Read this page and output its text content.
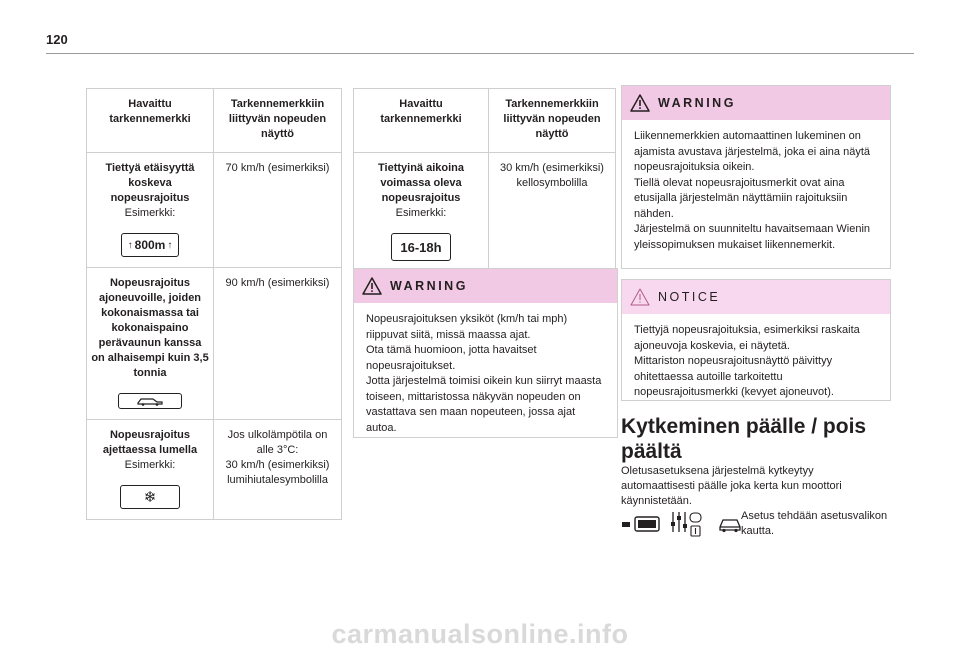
120
Havaittu tarkennemerkki	Tarkennemerkkiin liittyvän nopeuden näyttö

Tiettyä etäisyyttä koskeva nopeusrajoitus
Esimerkki:
↑ 800m ↑	70 km/h (esimerkiksi)

Nopeusrajoitus ajoneuvoille, joiden kokonaismassa tai kokonaispaino perävaunun kanssa on alhaisempi kuin 3,5 tonnia	90 km/h (esimerkiksi)

Nopeusrajoitus ajettaessa lumella
Esimerkki:
❄	Jos ulkolämpötila on alle 3°C:
30 km/h (esimerkiksi) lumihiutalesymbolilla
Havaittu tarkennemerkki	Tarkennemerkkiin liittyvän nopeuden näyttö

Tiettyinä aikoina voimassa oleva nopeusrajoitus
Esimerkki:
16-18h	30 km/h (esimerkiksi) kellosymbolilla
WARNING
Nopeusrajoituksen yksiköt (km/h tai mph) riippuvat siitä, missä maassa ajat.
Ota tämä huomioon, jotta havaitset nopeusrajoitukset.
Jotta järjestelmä toimisi oikein kun siirryt maasta toiseen, mittaristossa näkyvän nopeuden on vastattava sen maan nopeuteen, jossa ajat autoa.
WARNING
Liikennemerkkien automaattinen lukeminen on ajamista avustava järjestelmä, joka ei aina näytä nopeusrajoituksia oikein.
Tiellä olevat nopeusrajoitusmerkit ovat aina etusijalla järjestelmän näyttämiin rajoituksiin nähden.
Järjestelmä on suunniteltu havaitsemaan Wienin yleissopimuksen mukaiset liikennemerkit.
NOTICE
Tiettyjä nopeusrajoituksia, esimerkiksi raskaita ajoneuvoja koskevia, ei näytetä.
Mittariston nopeusrajoitusnäyttö päivittyy ohitettaessa autoille tarkoitettu nopeusrajoitusmerkki (kevyet ajoneuvot).
Kytkeminen päälle / pois päältä
Oletusasetuksena järjestelmä kytkeytyy automaattisesti päälle joka kerta kun moottori käynnistetään.
Asetus tehdään asetusvalikon kautta.
carmanualsonline.info
